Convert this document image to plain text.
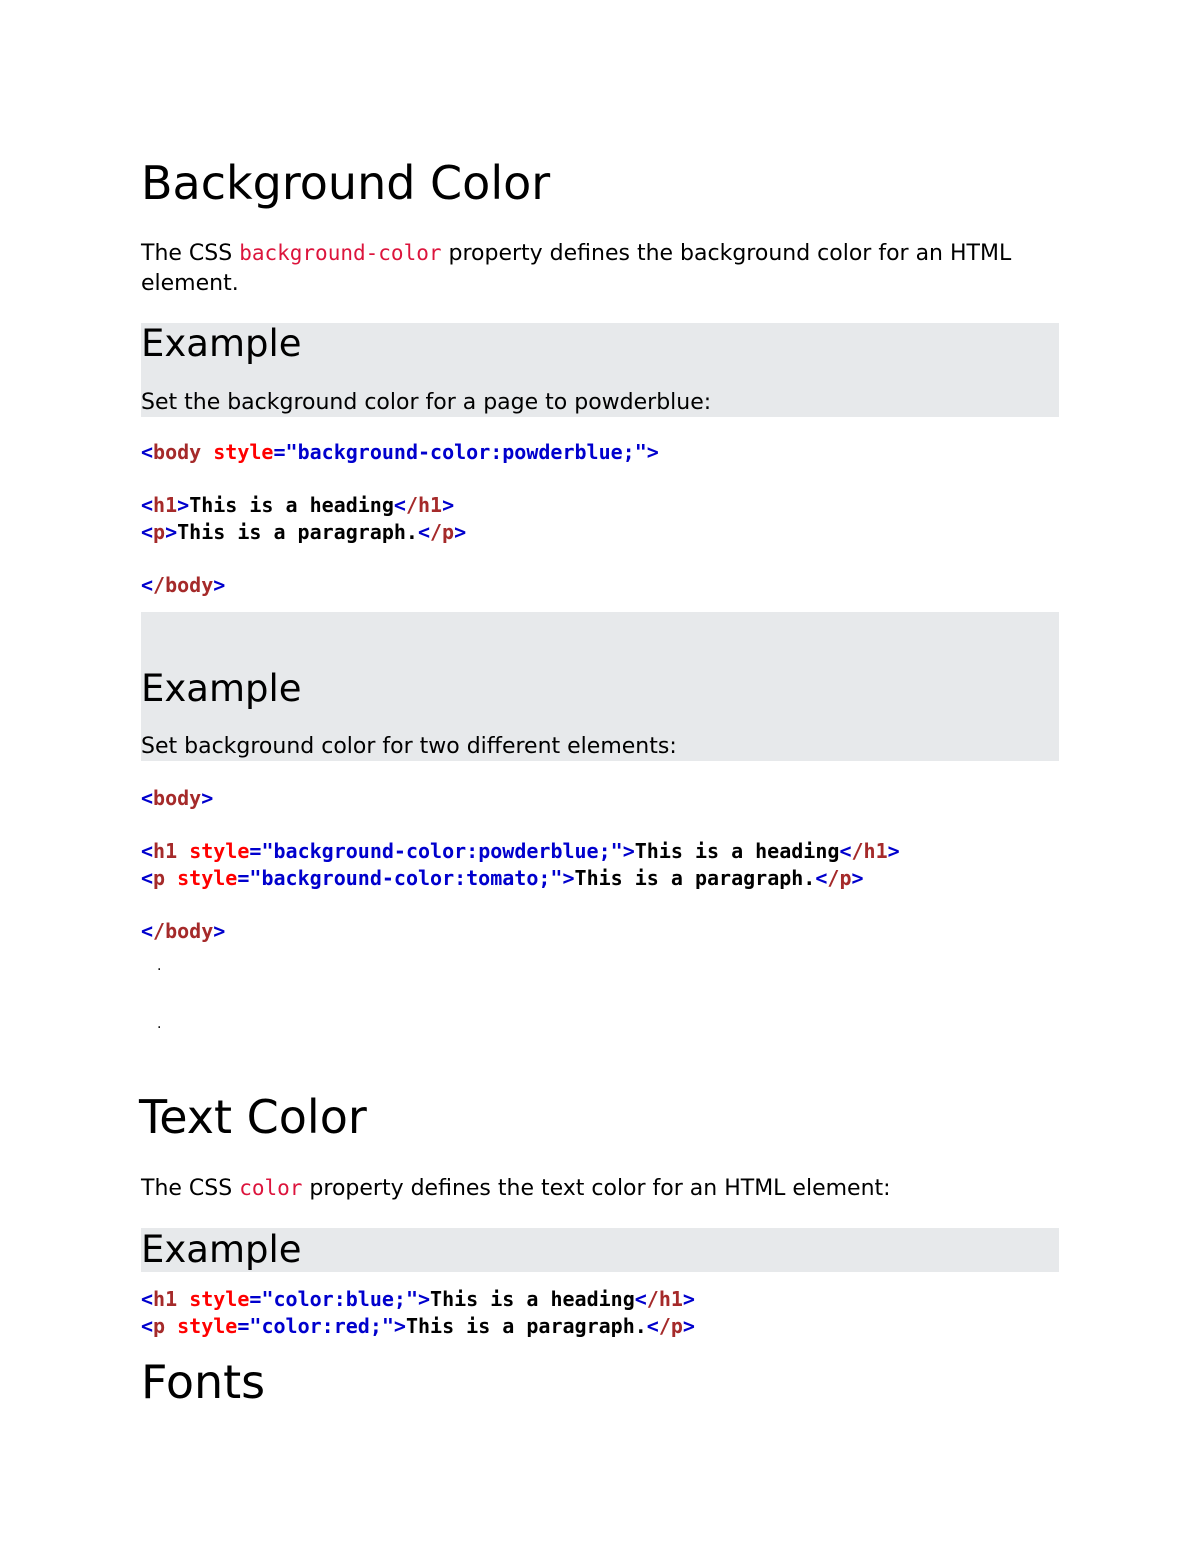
Background Color
The CSS background-color property defines the background color for an HTML element.
Example
Set the background color for a page to powderblue:
<body style="background-color:powderblue;">

<h1>This is a heading</h1>
<p>This is a paragraph.</p>

</body>
Example
Set background color for two different elements:
<body>

<h1 style="background-color:powderblue;">This is a heading</h1>
<p style="background-color:tomato;">This is a paragraph.</p>

</body>
.
.
Text Color
The CSS color property defines the text color for an HTML element:
Example
<h1 style="color:blue;">This is a heading</h1>
<p style="color:red;">This is a paragraph.</p>
Fonts
